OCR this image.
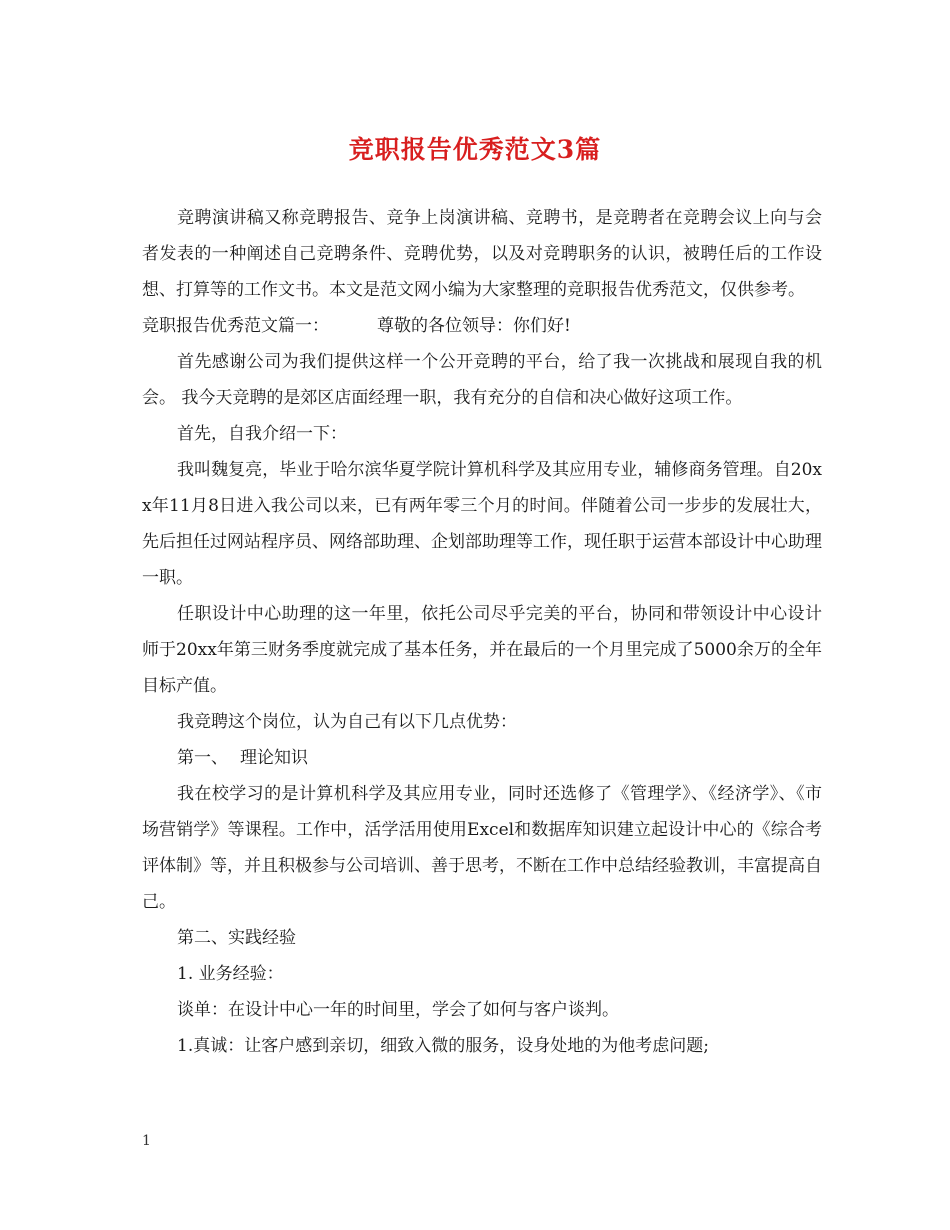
竞职报告优秀范文3篇

竞聘演讲稿又称竞聘报告、竞争上岗演讲稿、竞聘书，是竞聘者在竞聘会议上向与会者发表的一种阐述自己竞聘条件、竞聘优势，以及对竞聘职务的认识，被聘任后的工作设想、打算等的工作文书。本文是范文网小编为大家整理的竞职报告优秀范文，仅供参考。

竞职报告优秀范文篇一：	尊敬的各位领导：你们好!

首先感谢公司为我们提供这样一个公开竞聘的平台，给了我一次挑战和展现自我的机会。 我今天竞聘的是郊区店面经理一职，我有充分的自信和决心做好这项工作。

首先，自我介绍一下：

我叫魏复亮，毕业于哈尔滨华夏学院计算机科学及其应用专业，辅修商务管理。自20xx年11月8日进入我公司以来，已有两年零三个月的时间。伴随着公司一步步的发展壮大，先后担任过网站程序员、网络部助理、企划部助理等工作，现任职于运营本部设计中心助理一职。

任职设计中心助理的这一年里，依托公司尽乎完美的平台，协同和带领设计中心设计师于20xx年第三财务季度就完成了基本任务，并在最后的一个月里完成了5000余万的全年目标产值。

我竞聘这个岗位，认为自己有以下几点优势：

第一、 理论知识

我在校学习的是计算机科学及其应用专业，同时还选修了《管理学》、《经济学》、《市场营销学》等课程。工作中，活学活用使用Excel和数据库知识建立起设计中心的《综合考评体制》等，并且积极参与公司培训、善于思考，不断在工作中总结经验教训，丰富提高自己。

第二、实践经验

1. 业务经验：

谈单：在设计中心一年的时间里，学会了如何与客户谈判。

1.真诚：让客户感到亲切，细致入微的服务，设身处地的为他考虑问题;

1
